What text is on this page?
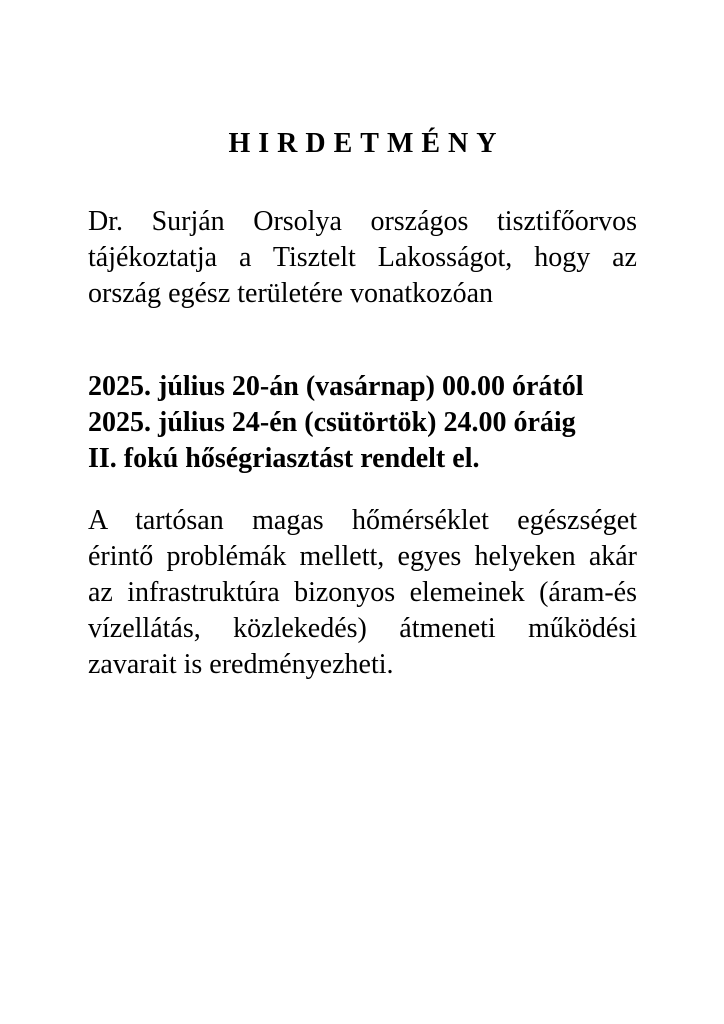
HIRDETMÉNY
Dr. Surján Orsolya országos tisztifőorvos
tájékoztatja a Tisztelt Lakosságot, hogy az
ország egész területére vonatkozóan
2025. július 20-án (vasárnap) 00.00 órától
2025. július 24-én (csütörtök) 24.00 óráig
II. fokú hőségriasztást rendelt el.
A tartósan magas hőmérséklet egészséget
érintő problémák mellett, egyes helyeken akár
az infrastruktúra bizonyos elemeinek (áram-és
vízellátás, közlekedés) átmeneti működési
zavarait is eredményezheti.
